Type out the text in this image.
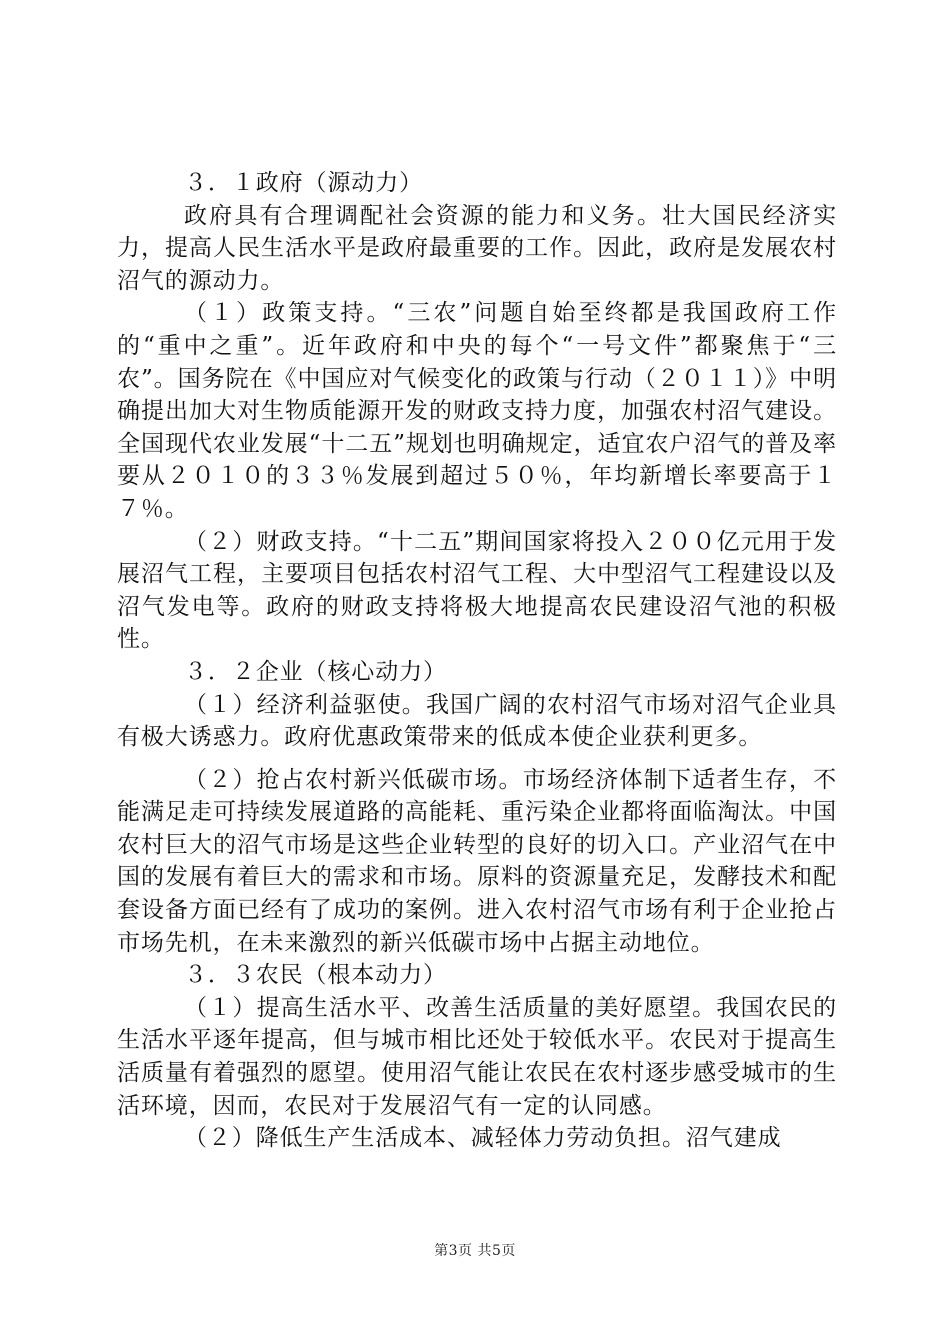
３．１政府（源动力）

政府具有合理调配社会资源的能力和义务。壮大国民经济实力，提高人民生活水平是政府最重要的工作。因此，政府是发展农村沼气的源动力。

（１）政策支持。“三农”问题自始至终都是我国政府工作的“重中之重”。近年政府和中央的每个“一号文件”都聚焦于“三农”。国务院在《中国应对气候变化的政策与行动（２０１１）》中明确提出加大对生物质能源开发的财政支持力度，加强农村沼气建设。全国现代农业发展“十二五”规划也明确规定，适宜农户沼气的普及率要从２０１０的３３％发展到超过５０％，年均新增长率要高于１７％。

（２）财政支持。“十二五”期间国家将投入２００亿元用于发展沼气工程，主要项目包括农村沼气工程、大中型沼气工程建设以及沼气发电等。政府的财政支持将极大地提高农民建设沼气池的积极性。

３．２企业（核心动力）

（１）经济利益驱使。我国广阔的农村沼气市场对沼气企业具有极大诱惑力。政府优惠政策带来的低成本使企业获利更多。

（２）抢占农村新兴低碳市场。市场经济体制下适者生存，不能满足走可持续发展道路的高能耗、重污染企业都将面临淘汰。中国农村巨大的沼气市场是这些企业转型的良好的切入口。产业沼气在中国的发展有着巨大的需求和市场。原料的资源量充足，发酵技术和配套设备方面已经有了成功的案例。进入农村沼气市场有利于企业抢占市场先机，在未来激烈的新兴低碳市场中占据主动地位。

３．３农民（根本动力）

（１）提高生活水平、改善生活质量的美好愿望。我国农民的生活水平逐年提高，但与城市相比还处于较低水平。农民对于提高生活质量有着强烈的愿望。使用沼气能让农民在农村逐步感受城市的生活环境，因而，农民对于发展沼气有一定的认同感。

（２）降低生产生活成本、减轻体力劳动负担。沼气建成

第3页 共5页
